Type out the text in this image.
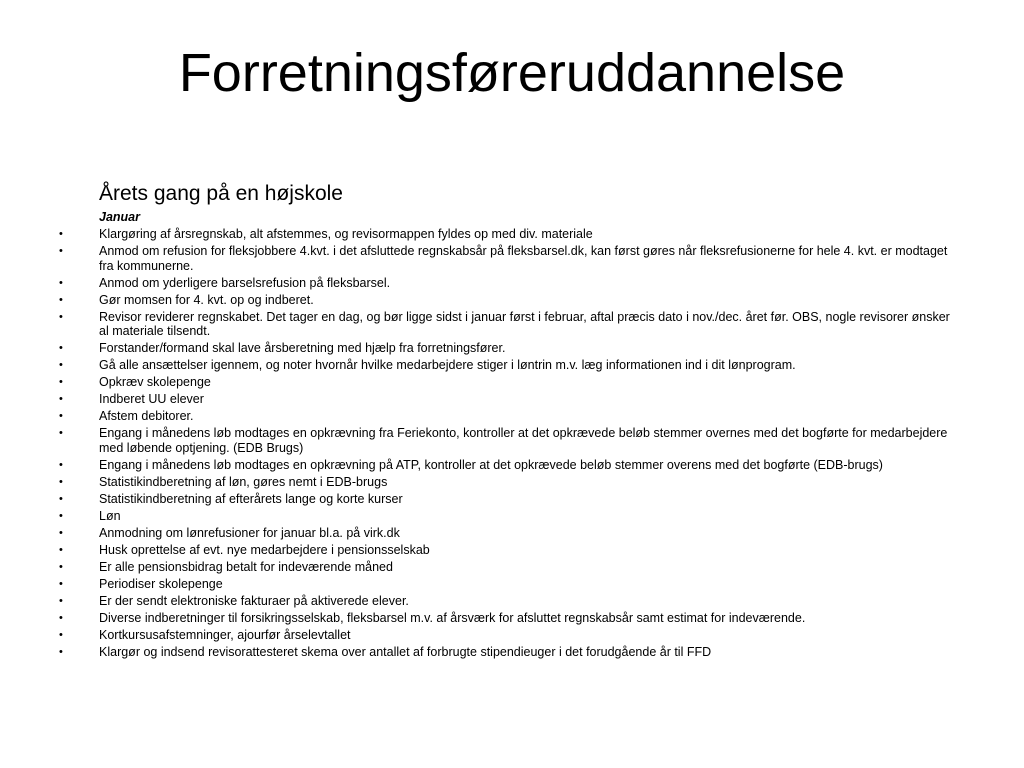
Forretningsføreruddannelse
Årets gang på en højskole
Januar
•	Klargøring af årsregnskab, alt afstemmes, og revisormappen fyldes op med div. materiale
•	Anmod om refusion for fleksjobbere 4.kvt. i det afsluttede regnskabsår på fleksbarsel.dk, kan først gøres når fleksrefusionerne for hele 4. kvt. er modtaget fra kommunerne.
•	Anmod om yderligere barselsrefusion på fleksbarsel.
•	Gør momsen for 4. kvt. op og indberet.
•	Revisor reviderer regnskabet. Det tager en dag, og bør ligge sidst i januar først i februar, aftal præcis dato i nov./dec. året før. OBS, nogle revisorer ønsker al materiale tilsendt.
•	Forstander/formand skal lave årsberetning med hjælp fra forretningsfører.
•	Gå alle ansættelser igennem, og noter hvornår hvilke medarbejdere stiger i løntrin m.v. læg informationen ind i dit lønprogram.
•	Opkræv skolepenge
•	Indberet UU elever
•	Afstem debitorer.
•	Engang i månedens løb modtages en opkrævning fra Feriekonto, kontroller at det opkrævede beløb stemmer overnes med det bogførte for medarbejdere med løbende optjening. (EDB Brugs)
•	Engang i månedens løb modtages en opkrævning på ATP, kontroller at det opkrævede beløb stemmer overens med det bogførte (EDB-brugs)
•	Statistikindberetning af løn, gøres nemt i EDB-brugs
•	Statistikindberetning af efterårets lange og korte kurser
•	Løn
•	Anmodning om lønrefusioner for januar bl.a. på virk.dk
•	Husk oprettelse af evt. nye medarbejdere i pensionsselskab
•	Er alle pensionsbidrag betalt for indeværende måned
•	Periodiser skolepenge
•	Er der sendt elektroniske fakturaer på aktiverede elever.
•	Diverse indberetninger til forsikringsselskab, fleksbarsel m.v. af årsværk for afsluttet regnskabsår samt estimat for indeværende.
•	Kortkursusafstemninger, ajourfør årselevtallet
•	Klargør og indsend revisorattesteret skema over antallet af forbrugte stipendieuger i det forudgående år til FFD
